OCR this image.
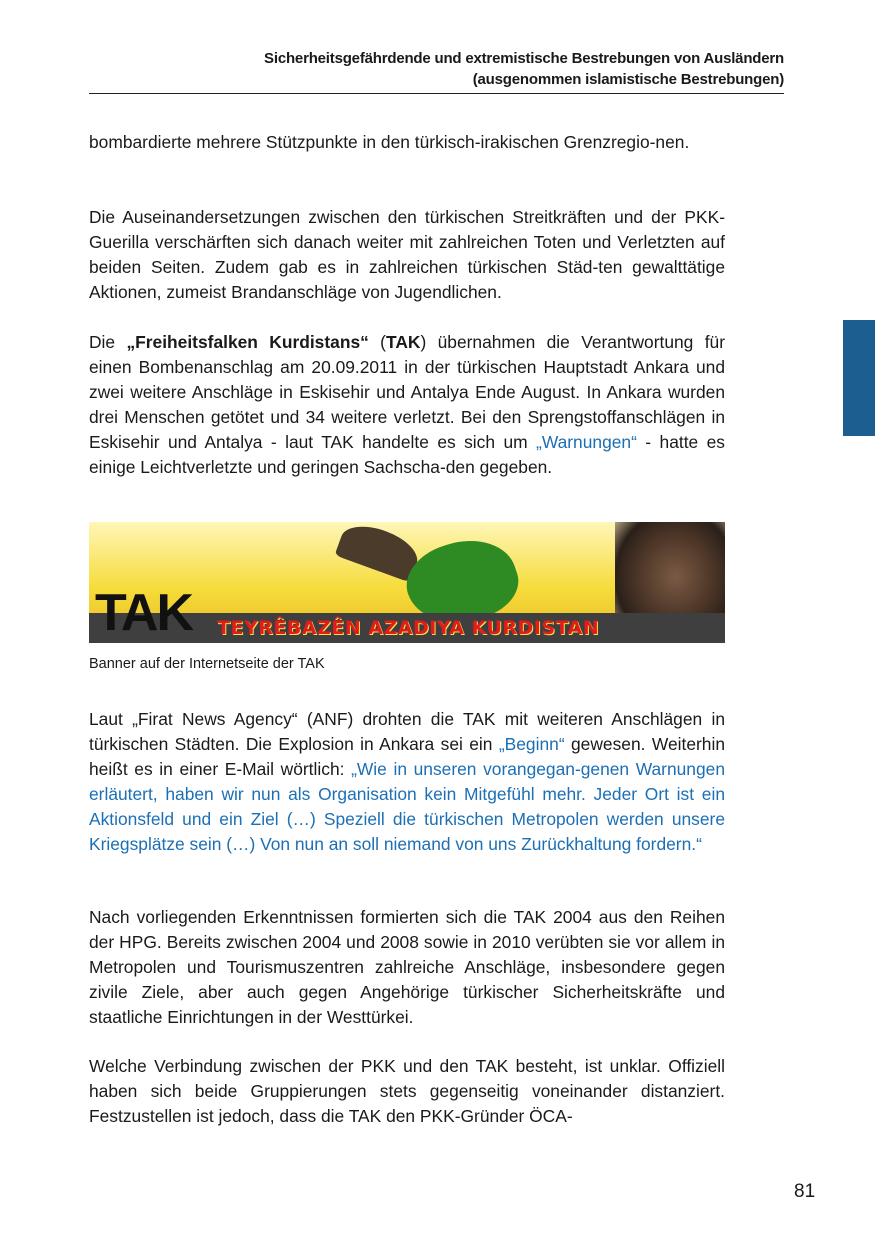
Sicherheitsgefährdende und extremistische Bestrebungen von Ausländern
(ausgenommen islamistische Bestrebungen)
bombardierte mehrere Stützpunkte in den türkisch-irakischen Grenzregio-nen.
Die Auseinandersetzungen zwischen den türkischen Streitkräften und der PKK-Guerilla verschärften sich danach weiter mit zahlreichen Toten und Verletzten auf beiden Seiten. Zudem gab es in zahlreichen türkischen Städ-ten gewalttätige Aktionen, zumeist Brandanschläge von Jugendlichen.
Die „Freiheitsfalken Kurdistans“ (TAK) übernahmen die Verantwortung für einen Bombenanschlag am 20.09.2011 in der türkischen Hauptstadt Ankara und zwei weitere Anschläge in Eskisehir und Antalya Ende August. In Ankara wurden drei Menschen getötet und 34 weitere verletzt. Bei den Sprengstoffanschlägen in Eskisehir und Antalya - laut TAK handelte es sich um „Warnungen“ - hatte es einige Leichtverletzte und geringen Sachscha-den gegeben.
TAK TEYRÊBAZÊN AZADIYA KURDISTAN
Banner auf der Internetseite der TAK
Laut „Firat News Agency“ (ANF) drohten die TAK mit weiteren Anschlägen in türkischen Städten. Die Explosion in Ankara sei ein „Beginn“ gewesen. Weiterhin heißt es in einer E-Mail wörtlich: „Wie in unseren vorangegan-genen Warnungen erläutert, haben wir nun als Organisation kein Mitgefühl mehr. Jeder Ort ist ein Aktionsfeld und ein Ziel (…) Speziell die türkischen Metropolen werden unsere Kriegsplätze sein (…) Von nun an soll niemand von uns Zurückhaltung fordern.“
Nach vorliegenden Erkenntnissen formierten sich die TAK 2004 aus den Reihen der HPG. Bereits zwischen 2004 und 2008 sowie in 2010 verübten sie vor allem in Metropolen und Tourismuszentren zahlreiche Anschläge, insbesondere gegen zivile Ziele, aber auch gegen Angehörige türkischer Sicherheitskräfte und staatliche Einrichtungen in der Westtürkei.
Welche Verbindung zwischen der PKK und den TAK besteht, ist unklar. Offiziell haben sich beide Gruppierungen stets gegenseitig voneinander distanziert. Festzustellen ist jedoch, dass die TAK den PKK-Gründer ÖCA-
81
